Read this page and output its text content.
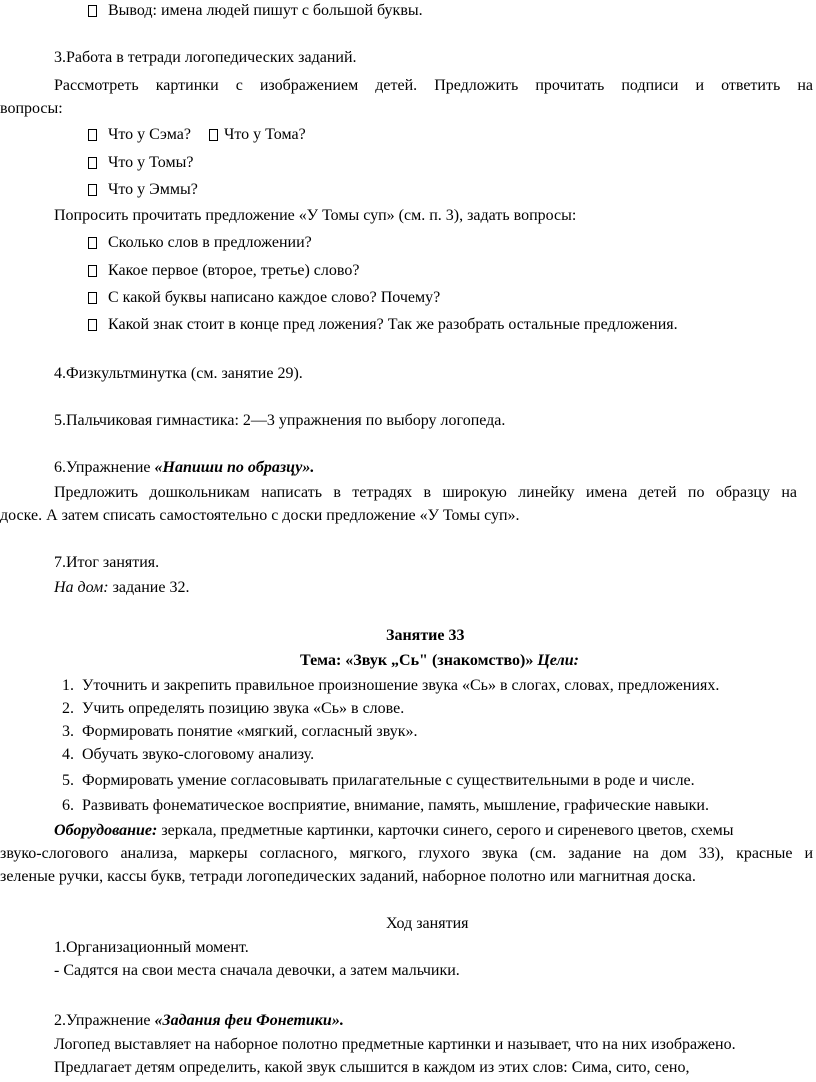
Вывод: имена людей пишут с большой буквы.
3.Работа в тетради логопедических заданий.
Рассмотреть картинки с изображением детей. Предложить прочитать подписи и ответить на
вопросы:
Что у Сэма? Что у Тома?
Что у Томы?
Что у Эммы?
Попросить прочитать предложение «У Томы суп» (см. п. 3), задать вопросы:
Сколько слов в предложении?
Какое первое (второе, третье) слово?
С какой буквы написано каждое слово? Почему?
Какой знак стоит в конце пред ложения? Так же разобрать остальные предложения.
4.Физкультминутка (см. занятие 29).
5.Пальчиковая гимнастика: 2—3 упражнения по выбору логопеда.
6.Упражнение «Напиши по образцу».
Предложить дошкольникам написать в тетрадях в широкую линейку имена детей по образцу на
доске. А затем списать самостоятельно с доски предложение «У Томы суп».
7.Итог занятия.
На дом: задание 32.
Занятие 33
Тема: «Звук „Сь" (знакомство)» Цели:
1. Уточнить и закрепить правильное произношение звука «Сь» в слогах, словах, предложениях.
2. Учить определять позицию звука «Сь» в слове.
3. Формировать понятие «мягкий, согласный звук».
4. Обучать звуко-слоговому анализу.
5. Формировать умение согласовывать прилагательные с существительными в роде и числе.
6. Развивать фонематическое восприятие, внимание, память, мышление, графические навыки.
Оборудование: зеркала, предметные картинки, карточки синего, серого и сиреневого цветов, схемы
звуко-слогового анализа, маркеры согласного, мягкого, глухого звука (см. задание на дом 33), красные и
зеленые ручки, кассы букв, тетради логопедических заданий, наборное полотно или магнитная доска.
Ход занятия
1.Организационный момент.
- Садятся на свои места сначала девочки, а затем мальчики.
2.Упражнение «Задания феи Фонетики».
Логопед выставляет на наборное полотно предметные картинки и называет, что на них изображено.
Предлагает детям определить, какой звук слышится в каждом из этих слов: Сима, сито, сено,
